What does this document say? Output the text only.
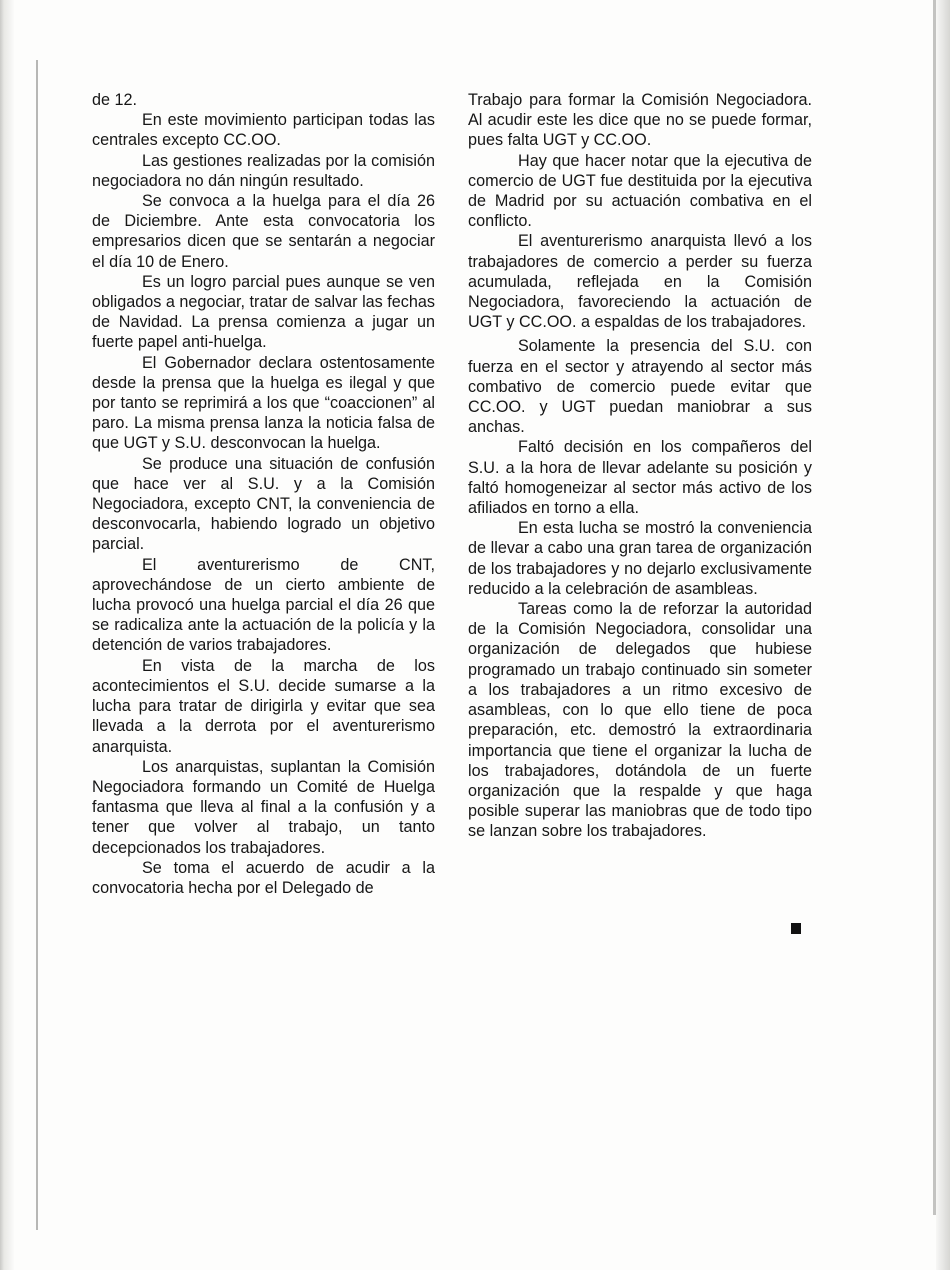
de 12.

En este movimiento participan todas las centrales excepto CC.OO.

Las gestiones realizadas por la comisión negociadora no dán ningún resultado.

Se convoca a la huelga para el día 26 de Diciembre. Ante esta convocatoria los empresarios dicen que se sentarán a negociar el día 10 de Enero.

Es un logro parcial pues aunque se ven obligados a negociar, tratar de salvar las fechas de Navidad. La prensa comienza a jugar un fuerte papel anti-huelga.

El Gobernador declara ostentosamente desde la prensa que la huelga es ilegal y que por tanto se reprimirá a los que “coaccionen” al paro. La misma prensa lanza la noticia falsa de que UGT y S.U. desconvocan la huelga.

Se produce una situación de confusión que hace ver al S.U. y a la Comisión Negociadora, excepto CNT, la conveniencia de desconvocarla, habiendo logrado un objetivo parcial.

El aventurerismo de CNT, aprovechándose de un cierto ambiente de lucha provocó una huelga parcial el día 26 que se radicaliza ante la actuación de la policía y la detención de varios trabajadores.

En vista de la marcha de los acontecimientos el S.U. decide sumarse a la lucha para tratar de dirigirla y evitar que sea llevada a la derrota por el aventurerismo anarquista.

Los anarquistas, suplantan la Comisión Negociadora formando un Comité de Huelga fantasma que lleva al final a la confusión y a tener que volver al trabajo, un tanto decepcionados los trabajadores.

Se toma el acuerdo de acudir a la convocatoria hecha por el Delegado de

Trabajo para formar la Comisión Negociadora. Al acudir este les dice que no se puede formar, pues falta UGT y CC.OO.

Hay que hacer notar que la ejecutiva de comercio de UGT fue destituida por la ejecutiva de Madrid por su actuación combativa en el conflicto.

El aventurerismo anarquista llevó a los trabajadores de comercio a perder su fuerza acumulada, reflejada en la Comisión Negociadora, favoreciendo la actuación de UGT y CC.OO. a espaldas de los trabajadores.

Solamente la presencia del S.U. con fuerza en el sector y atrayendo al sector más combativo de comercio puede evitar que CC.OO. y UGT puedan maniobrar a sus anchas.

Faltó decisión en los compañeros del S.U. a la hora de llevar adelante su posición y faltó homogeneizar al sector más activo de los afiliados en torno a ella.

En esta lucha se mostró la conveniencia de llevar a cabo una gran tarea de organización de los trabajadores y no dejarlo exclusivamente reducido a la celebración de asambleas.

Tareas como la de reforzar la autoridad de la Comisión Negociadora, consolidar una organización de delegados que hubiese programado un trabajo continuado sin someter a los trabajadores a un ritmo excesivo de asambleas, con lo que ello tiene de poca preparación, etc. demostró la extraordinaria importancia que tiene el organizar la lucha de los trabajadores, dotándola de un fuerte organización que la respalde y que haga posible superar las maniobras que de todo tipo se lanzan sobre los trabajadores.
